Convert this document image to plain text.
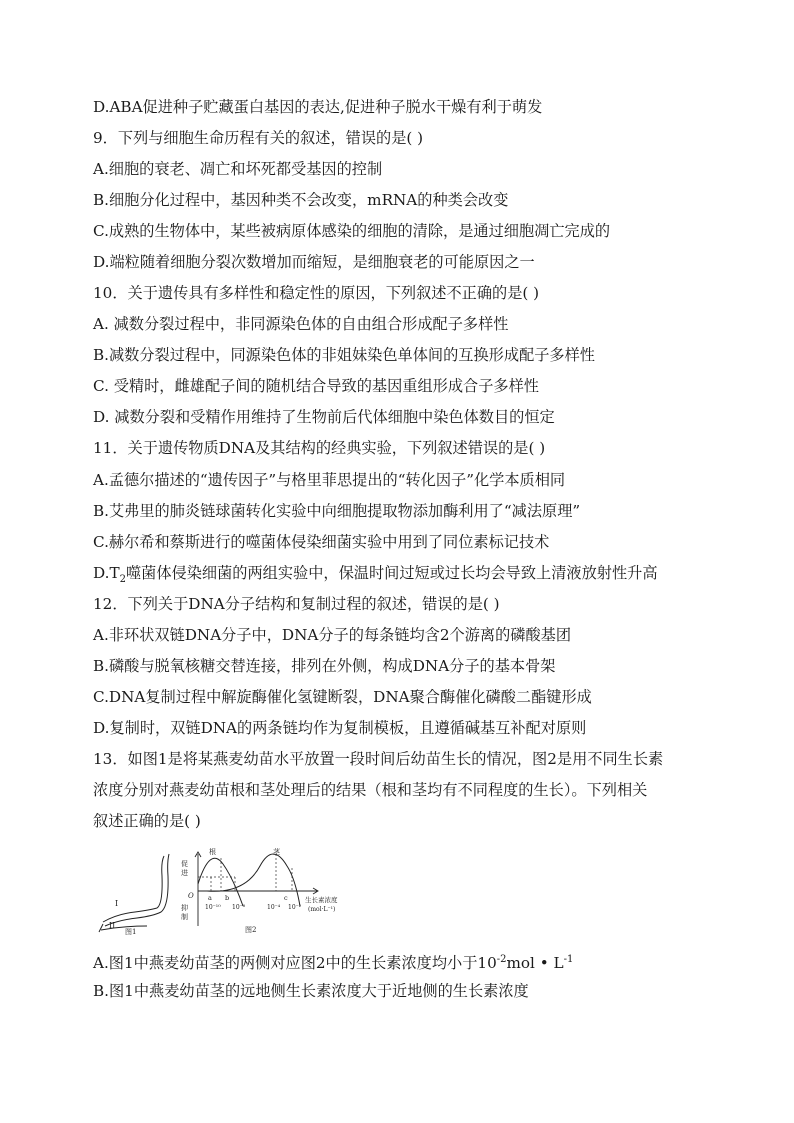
D.ABA促进种子贮藏蛋白基因的表达,促进种子脱水干燥有利于萌发
9．下列与细胞生命历程有关的叙述，错误的是( )
A.细胞的衰老、凋亡和坏死都受基因的控制
B.细胞分化过程中，基因种类不会改变，mRNA的种类会改变
C.成熟的生物体中，某些被病原体感染的细胞的清除，是通过细胞凋亡完成的
D.端粒随着细胞分裂次数增加而缩短，是细胞衰老的可能原因之一
10．关于遗传具有多样性和稳定性的原因，下列叙述不正确的是( )
A. 减数分裂过程中，非同源染色体的自由组合形成配子多样性
B.减数分裂过程中，同源染色体的非姐妹染色单体间的互换形成配子多样性
C. 受精时，雌雄配子间的随机结合导致的基因重组形成合子多样性
D. 减数分裂和受精作用维持了生物前后代体细胞中染色体数目的恒定
11．关于遗传物质DNA及其结构的经典实验，下列叙述错误的是( )
A.孟德尔描述的“遗传因子”与格里菲思提出的“转化因子”化学本质相同
B.艾弗里的肺炎链球菌转化实验中向细胞提取物添加酶利用了“减法原理”
C.赫尔希和蔡斯进行的噬菌体侵染细菌实验中用到了同位素标记技术
$D.T_2$噬菌体侵染细菌的两组实验中，保温时间过短或过长均会导致上清液放射性升高
12．下列关于DNA分子结构和复制过程的叙述，错误的是( )
A.非环状双链DNA分子中，DNA分子的每条链均含2个游离的磷酸基团
B.磷酸与脱氧核糖交替连接，排列在外侧，构成DNA分子的基本骨架
C.DNA复制过程中解旋酶催化氢键断裂，DNA聚合酶催化磷酸二酯键形成
D.复制时，双链DNA的两条链均作为复制模板，且遵循碱基互补配对原则
13．如图1是将某燕麦幼苗水平放置一段时间后幼苗生长的情况，图2是用不同生长素
浓度分别对燕麦幼苗根和茎处理后的结果（根和茎均有不同程度的生长）。下列相关
叙述正确的是( )
I
II
图1
促
进
O
抑
制
根	茎
a b	c
10⁻¹⁰ 10⁻⁸	10⁻⁴ 10⁻²
生长素浓度
(mol·L⁻¹)
图2
A.图1中燕麦幼苗茎的两侧对应图2中的生长素浓度均小于$10^{-2}mol$ • $L^{-1}$
B.图1中燕麦幼苗茎的远地侧生长素浓度大于近地侧的生长素浓度
